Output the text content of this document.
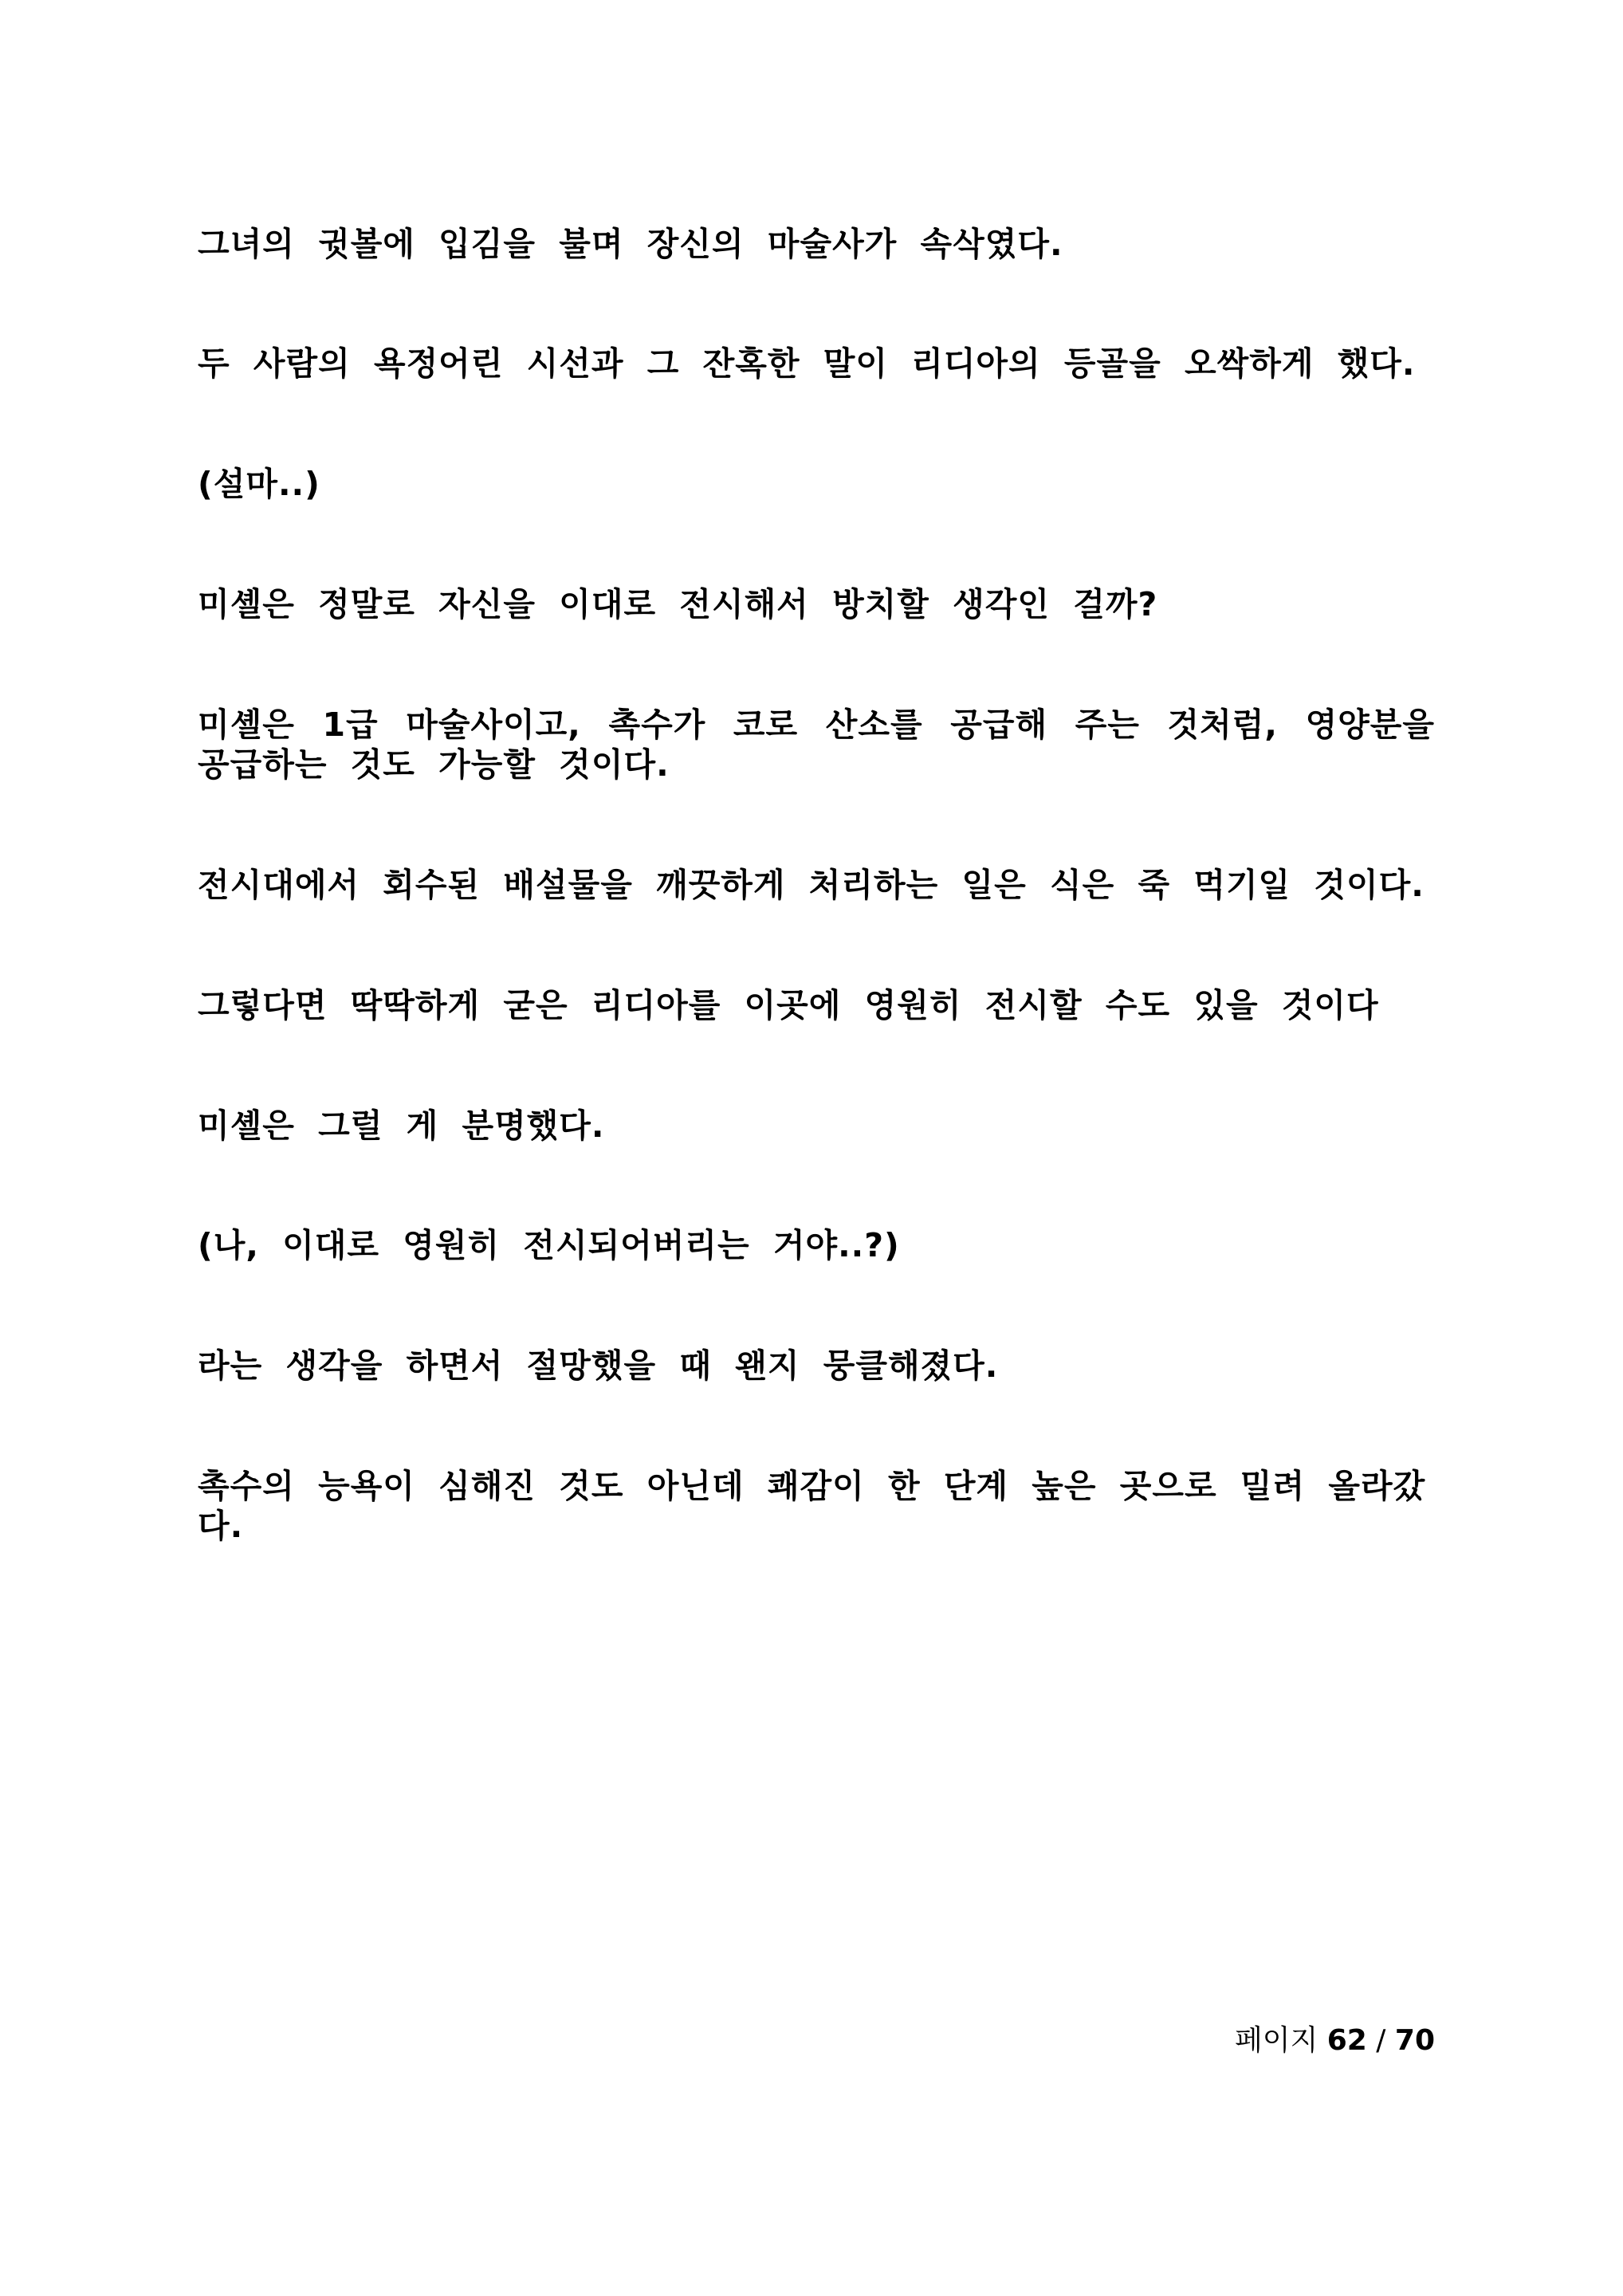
그녀의 귓볼에 입김을 불며 장신의 마술사가 속삭였다.

두 사람의 욕정어린 시선과 그 잔혹한 말이 리디아의 등골을 오싹하게 했다.

(설마..)

미셸은 정말로 자신을 이대로 전시해서 방치할 생각인 걸까?

미셸은 1급 마술사이고, 촉수가 코로 산소를 공급해 주는 것처럼, 영양분을 공급하는 것도 가능할 것이다.

전시대에서 회수된 배설물을 깨끗하게 처리하는 일은 식은 죽 먹기일 것이다.

그렇다면 딱딱하게 굳은 리디아를 이곳에 영원히 전시할 수도 있을 것이다

미셸은 그럴 게 분명했다.

(나, 이대로 영원히 전시되어버리는 거야..?)

라는 생각을 하면서 절망했을 때 왠지 뭉클해졌다.

촉수의 능욕이 심해진 것도 아닌데 쾌감이 한 단계 높은 곳으로 밀려 올라갔다.

페이지 62 / 70
